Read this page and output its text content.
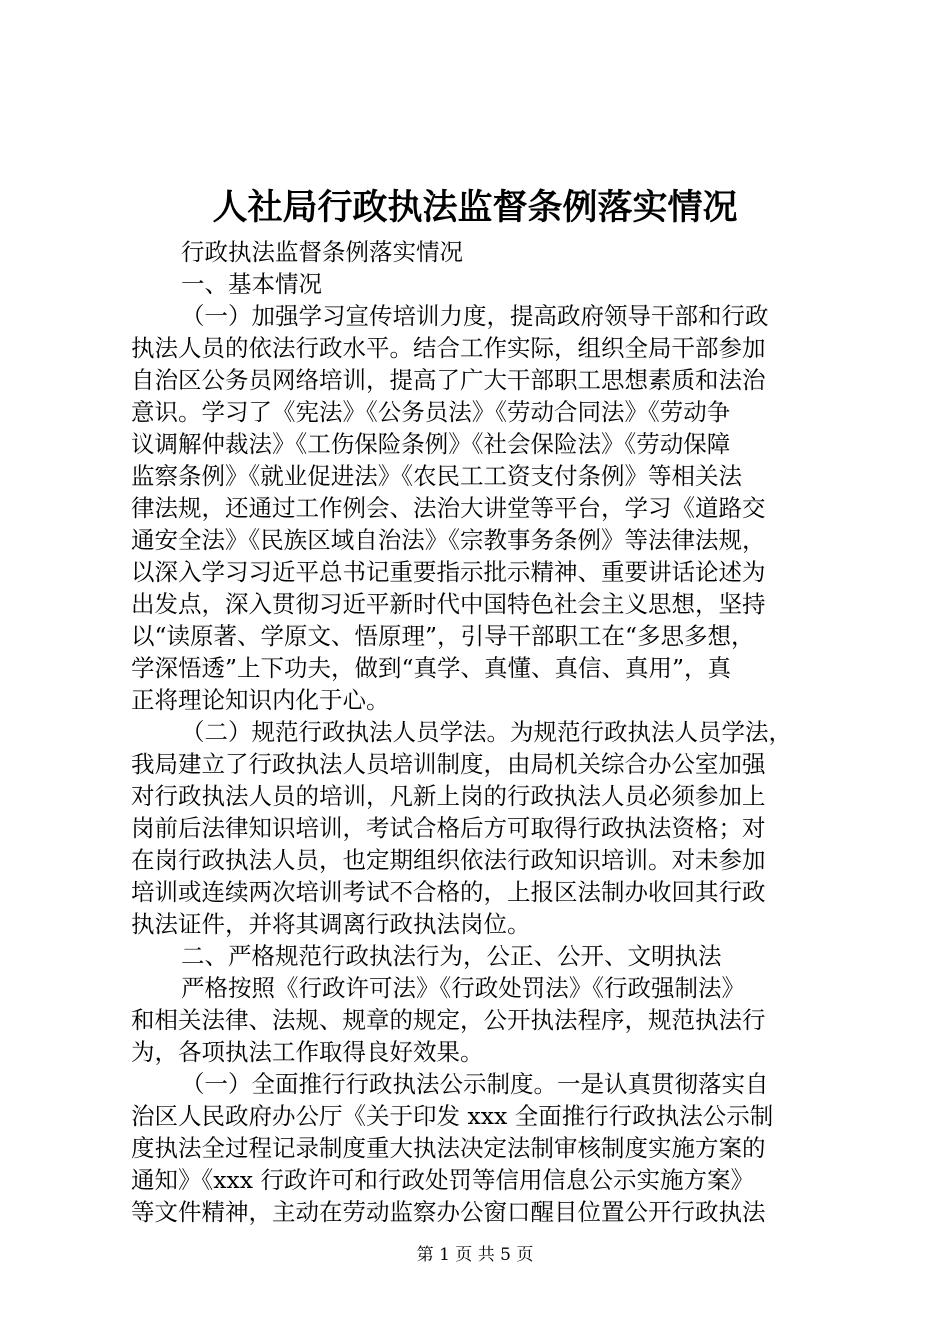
人社局行政执法监督条例落实情况
行政执法监督条例落实情况
一、基本情况
（一）加强学习宣传培训力度，提高政府领导干部和行政
执法人员的依法行政水平。结合工作实际，组织全局干部参加
自治区公务员网络培训，提高了广大干部职工思想素质和法治
意识。学习了《宪法》《公务员法》《劳动合同法》《劳动争
议调解仲裁法》《工伤保险条例》《社会保险法》《劳动保障
监察条例》《就业促进法》《农民工工资支付条例》等相关法
律法规，还通过工作例会、法治大讲堂等平台，学习《道路交
通安全法》《民族区域自治法》《宗教事务条例》等法律法规，
以深入学习习近平总书记重要指示批示精神、重要讲话论述为
出发点，深入贯彻习近平新时代中国特色社会主义思想，坚持
以“读原著、学原文、悟原理”，引导干部职工在“多思多想，
学深悟透”上下功夫，做到“真学、真懂、真信、真用”，真
正将理论知识内化于心。
（二）规范行政执法人员学法。为规范行政执法人员学法，
我局建立了行政执法人员培训制度，由局机关综合办公室加强
对行政执法人员的培训，凡新上岗的行政执法人员必须参加上
岗前后法律知识培训，考试合格后方可取得行政执法资格；对
在岗行政执法人员，也定期组织依法行政知识培训。对未参加
培训或连续两次培训考试不合格的，上报区法制办收回其行政
执法证件，并将其调离行政执法岗位。
二、严格规范行政执法行为，公正、公开、文明执法
严格按照《行政许可法》《行政处罚法》《行政强制法》
和相关法律、法规、规章的规定，公开执法程序，规范执法行
为，各项执法工作取得良好效果。
（一）全面推行行政执法公示制度。一是认真贯彻落实自
治区人民政府办公厅《关于印发 xxx 全面推行行政执法公示制
度执法全过程记录制度重大执法决定法制审核制度实施方案的
通知》《xxx 行政许可和行政处罚等信用信息公示实施方案》
等文件精神，主动在劳动监察办公窗口醒目位置公开行政执法
第 1 页 共 5 页
